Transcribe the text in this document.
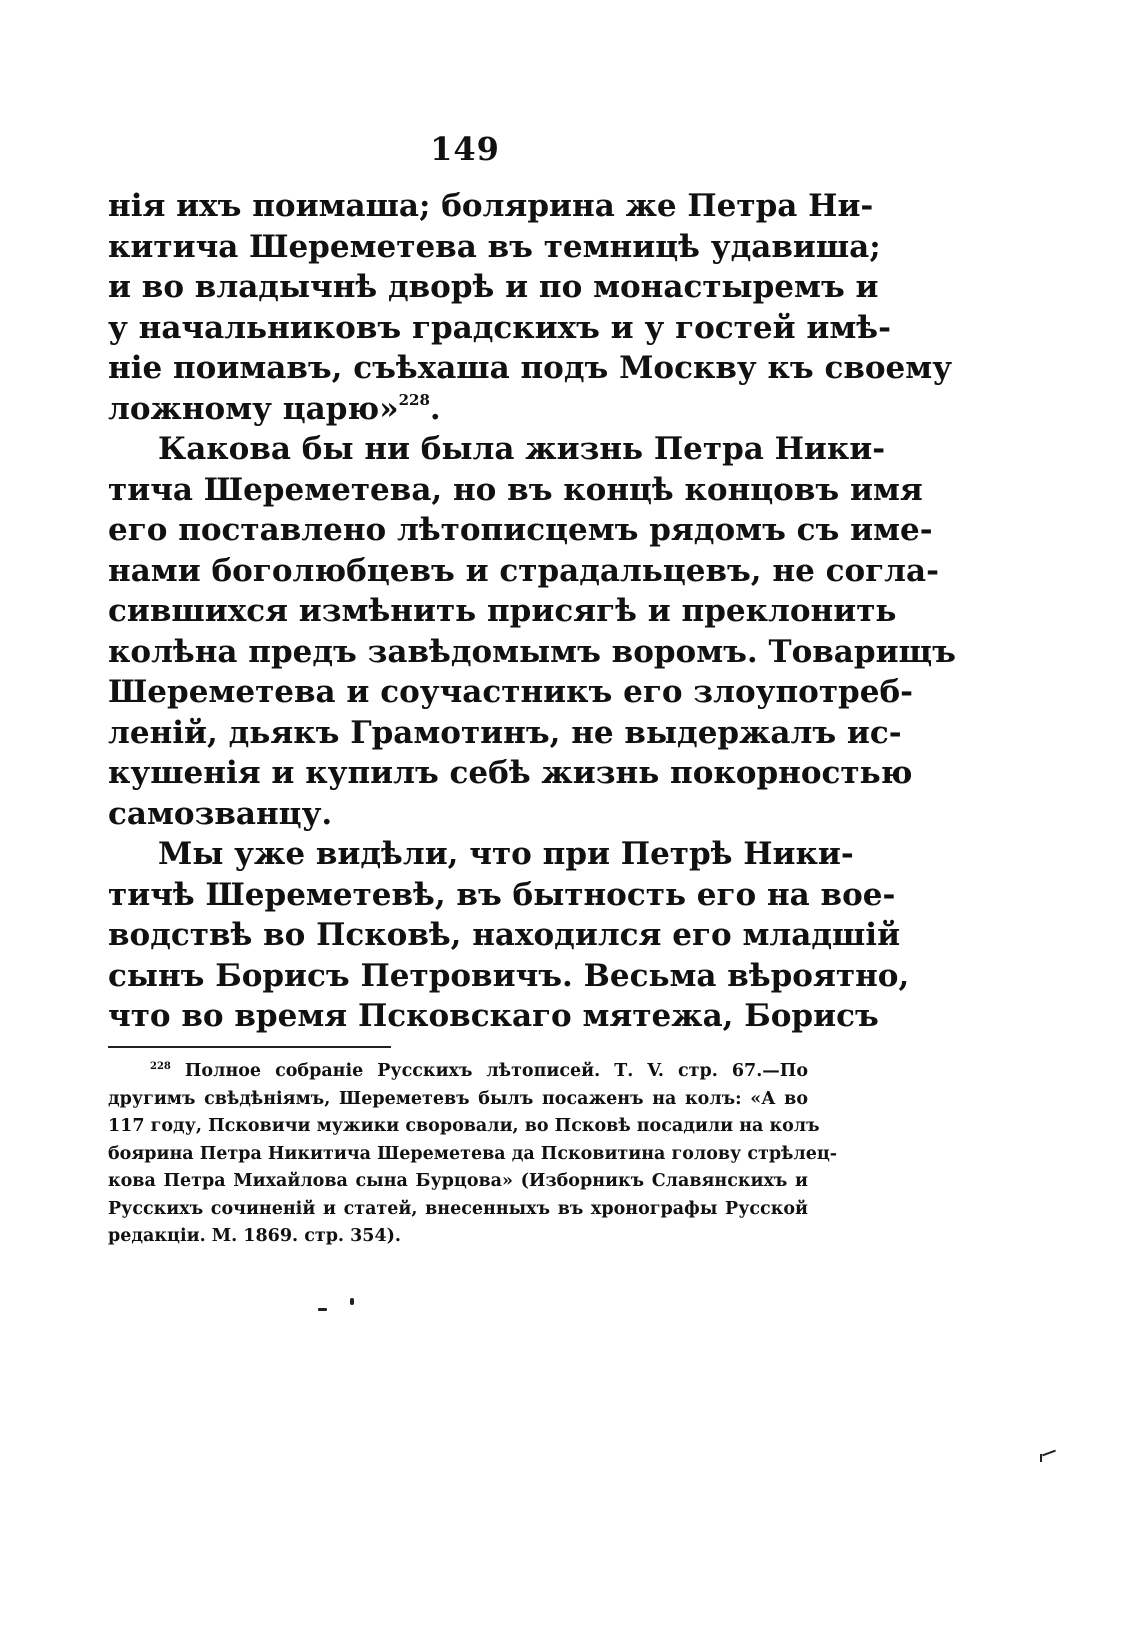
149
нія ихъ поимаша; болярина же Петра Ни-
китича Шереметева въ темницѣ удавиша;
и во владычнѣ дворѣ и по монастыремъ и
у начальниковъ градскихъ и у гостей имѣ-
ніе поимавъ, съѣхаша подъ Москву къ своему
ложному царю»$^{228}$.
Какова бы ни была жизнь Петра Ники-
тича Шереметева, но въ концѣ концовъ имя
его поставлено лѣтописцемъ рядомъ съ име-
нами боголюбцевъ и страдальцевъ, не согла-
сившихся измѣнить присягѣ и преклонить
колѣна предъ завѣдомымъ воромъ. Товарищъ
Шереметева и соучастникъ его злоупотреб-
леній, дьякъ Грамотинъ, не выдержалъ ис-
кушенія и купилъ себѣ жизнь покорностью
самозванцу.
Мы уже видѣли, что при Петрѣ Ники-
тичѣ Шереметевѣ, въ бытность его на вое-
водствѣ во Псковѣ, находился его младшій
сынъ Борисъ Петровичъ. Весьма вѣроятно,
что во время Псковскаго мятежа, Борисъ
$^{228}$ Полное собраніе Русскихъ лѣтописей. Т. V. стр. 67.—По
другимъ свѣдѣніямъ, Шереметевъ былъ посаженъ на колъ: «А во
117 году, Псковичи мужики своровали, во Псковѣ посадили на колъ
боярина Петра Никитича Шереметева да Псковитина голову стрѣлец-
кова Петра Михайлова сына Бурцова» (Изборникъ Славянскихъ и
Русскихъ сочиненій и статей, внесенныхъ въ хронографы Русской
редакціи. М. 1869. стр. 354).
